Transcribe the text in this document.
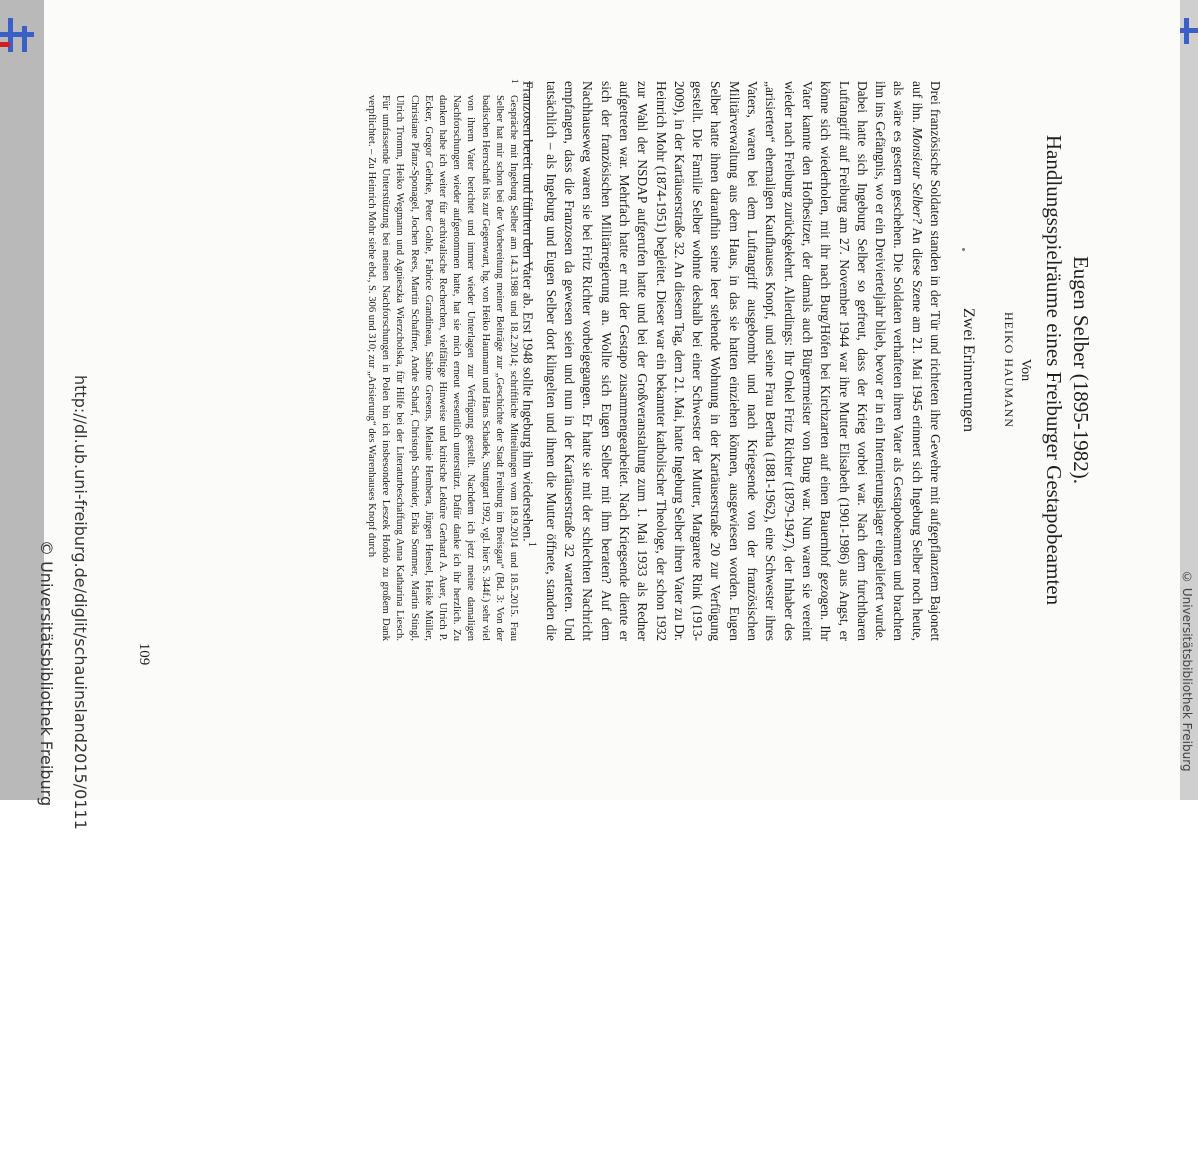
Eugen Selber (1895-1982).
Handlungsspielräume eines Freiburger Gestapobeamten
Von
HEIKO HAUMANN
Zwei Erinnerungen

Drei französische Soldaten standen in der Tür und richteten ihre Gewehre mit aufgepflanztem Bajonett auf ihn. Monsieur Selber? An diese Szene am 21. Mai 1945 erinnert sich Ingeburg Selber noch heute, als wäre es gestern geschehen. Die Soldaten verhafteten ihren Vater als Gestapobeamten und brachten ihn ins Gefängnis, wo er ein Dreivierteljahr blieb, bevor er in ein Internierungslager eingeliefert wurde. Dabei hatte sich Ingeburg Selber so gefreut, dass der Krieg vorbei war. Nach dem furchtbaren Luftangriff auf Freiburg am 27. November 1944 war ihre Mutter Elisabeth (1901-1986) aus Angst, er könne sich wiederholen, mit ihr nach Burg/Höfen bei Kirchzarten auf einen Bauernhof gezogen. Ihr Vater kannte den Hofbesitzer, der damals auch Bürgermeister von Burg war. Nun waren sie vereint wieder nach Freiburg zurückgekehrt. Allerdings: Ihr Onkel Fritz Richter (1879-1947), der Inhaber des „arisierten“ ehemaligen Kaufhauses Knopf, und seine Frau Bertha (1881-1962), eine Schwester ihres Vaters, waren bei dem Luftangriff ausgebombt und nach Kriegsende von der französischen Militärverwaltung aus dem Haus, in das sie hatten einziehen können, ausgewiesen worden. Eugen Selber hatte ihnen daraufhin seine leer stehende Wohnung in der Kartäuserstraße 20 zur Verfügung gestellt. Die Familie Selber wohnte deshalb bei einer Schwester der Mutter, Margarete Rink (1913-2009), in der Kartäuserstraße 32. An diesem Tag, dem 21. Mai, hatte Ingeburg Selber ihren Vater zu Dr. Heinrich Mohr (1874-1951) begleitet. Dieser war ein bekannter katholischer Theologe, der schon 1932 zur Wahl der NSDAP aufgerufen hatte und bei der Großveranstaltung zum 1. Mai 1933 als Redner aufgetreten war. Mehrfach hatte er mit der Gestapo zusammengearbeitet. Nach Kriegsende diente er sich der französischen Militärregierung an. Wollte sich Eugen Selber mit ihm beraten? Auf dem Nachhauseweg waren sie bei Fritz Richter vorbeigegangen. Er hatte sie mit der schlechten Nachricht empfangen, dass die Franzosen da gewesen seien und nun in der Kartäuserstraße 32 warteten. Und tatsächlich – als Ingeburg und Eugen Selber dort klingelten und ihnen die Mutter öffnete, standen die Franzosen bereit und führten den Vater ab. Erst 1948 sollte Ingeburg ihn wiedersehen.$^1$

1

Gespräche mit Ingeburg Selber am 14.3.1988 und 18.2.2014; schriftliche Mitteilungen vom 18.9.2014 und 18.5.2015. Frau Selber hat mir schon bei der Vorbereitung meiner Beiträge zur „Geschichte der Stadt Freiburg im Breisgau“ (Bd. 3: Von der badischen Herrschaft bis zur Gegenwart, hg. von Heiko Haumann und Hans Schadek, Stuttgart 1992, vgl. hier S. 344f.) sehr viel von ihrem Vater berichtet und immer wieder Unterlagen zur Verfügung gestellt. Nachdem ich jetzt meine damaligen Nachforschungen wieder aufgenommen hatte, hat sie mich erneut wesentlich unterstützt. Dafür danke ich ihr herzlich. Zu danken habe ich weiter für archivalische Recherchen, vielfältige Hinweise und kritische Lektüre Gerhard A. Auer, Ulrich P. Ecker, Gregor Gehrke, Peter Gohle, Fabrice Grandineau, Sabine Gresens, Melanie Hembera, Jürgen Hensel, Heike Müller, Christiane Pfanz-Sponagel, Jochen Rees, Martin Schaffner, Andre Scharf, Christoph Schmider, Erika Sommer, Martin Stingl, Ulrich Tromm, Heiko Wegmann und Agnieszka Wierzcholska, für Hilfe bei der Literaturbeschaffung Anna Katharina Liesch. Für umfassende Unterstützung bei meinen Nachforschungen in Polen bin ich insbesondere Leszek Hońdo zu großem Dank verpflichtet. – Zu Heinrich Mohr siehe ebd., S. 306 und 310; zur „Arisierung“ des Warenhauses Knopf durch

109
http://dl.ub.uni-freiburg.de/diglit/schauinsland2015/0111
© Universitätsbibliothek Freiburg	© Universitätsbibliothek Freiburg
